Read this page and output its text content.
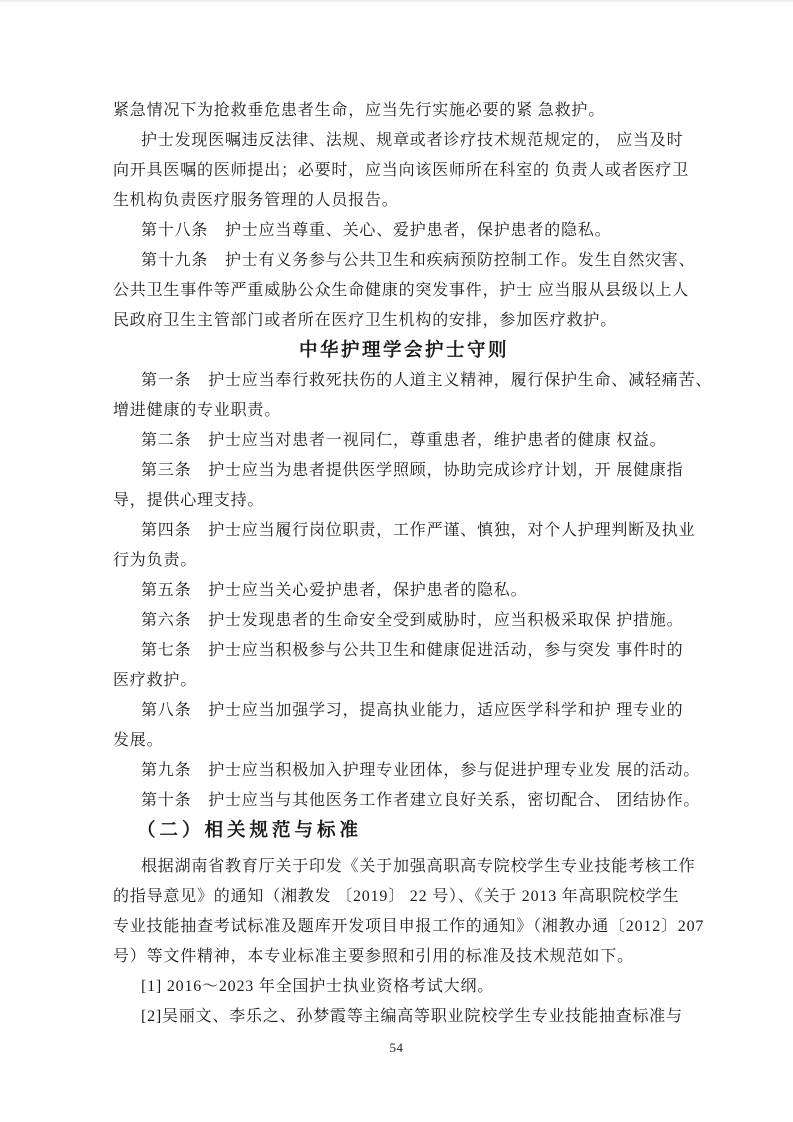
紧急情况下为抢救垂危患者生命，应当先行实施必要的紧 急救护。
护士发现医嘱违反法律、法规、规章或者诊疗技术规范规定的， 应当及时
向开具医嘱的医师提出；必要时，应当向该医师所在科室的 负责人或者医疗卫
生机构负责医疗服务管理的人员报告。
第十八条　护士应当尊重、关心、爱护患者，保护患者的隐私。
第十九条　护士有义务参与公共卫生和疾病预防控制工作。发生自然灾害、
公共卫生事件等严重威胁公众生命健康的突发事件，护士 应当服从县级以上人
民政府卫生主管部门或者所在医疗卫生机构的安排，参加医疗救护。
中华护理学会护士守则
第一条　护士应当奉行救死扶伤的人道主义精神，履行保护生命、减轻痛苦、
增进健康的专业职责。
第二条　护士应当对患者一视同仁，尊重患者，维护患者的健康 权益。
第三条　护士应当为患者提供医学照顾，协助完成诊疗计划，开 展健康指
导，提供心理支持。
第四条　护士应当履行岗位职责，工作严谨、慎独，对个人护理判断及执业
行为负责。
第五条　护士应当关心爱护患者，保护患者的隐私。
第六条　护士发现患者的生命安全受到威胁时，应当积极采取保 护措施。
第七条　护士应当积极参与公共卫生和健康促进活动，参与突发 事件时的
医疗救护。
第八条　护士应当加强学习，提高执业能力，适应医学科学和护 理专业的
发展。
第九条　护士应当积极加入护理专业团体，参与促进护理专业发 展的活动。
第十条　护士应当与其他医务工作者建立良好关系，密切配合、 团结协作。
（二）相关规范与标准
根据湖南省教育厅关于印发《关于加强高职高专院校学生专业技能考核工作
的指导意见》的通知（湘教发 〔2019〕 22 号）、《关于 2013 年高职院校学生
专业技能抽查考试标准及题库开发项目申报工作的通知》（湘教办通〔2012〕207
号）等文件精神，本专业标准主要参照和引用的标准及技术规范如下。
[1] 2016～2023 年全国护士执业资格考试大纲。
[2]吴丽文、李乐之、孙梦霞等主编高等职业院校学生专业技能抽查标准与
54
